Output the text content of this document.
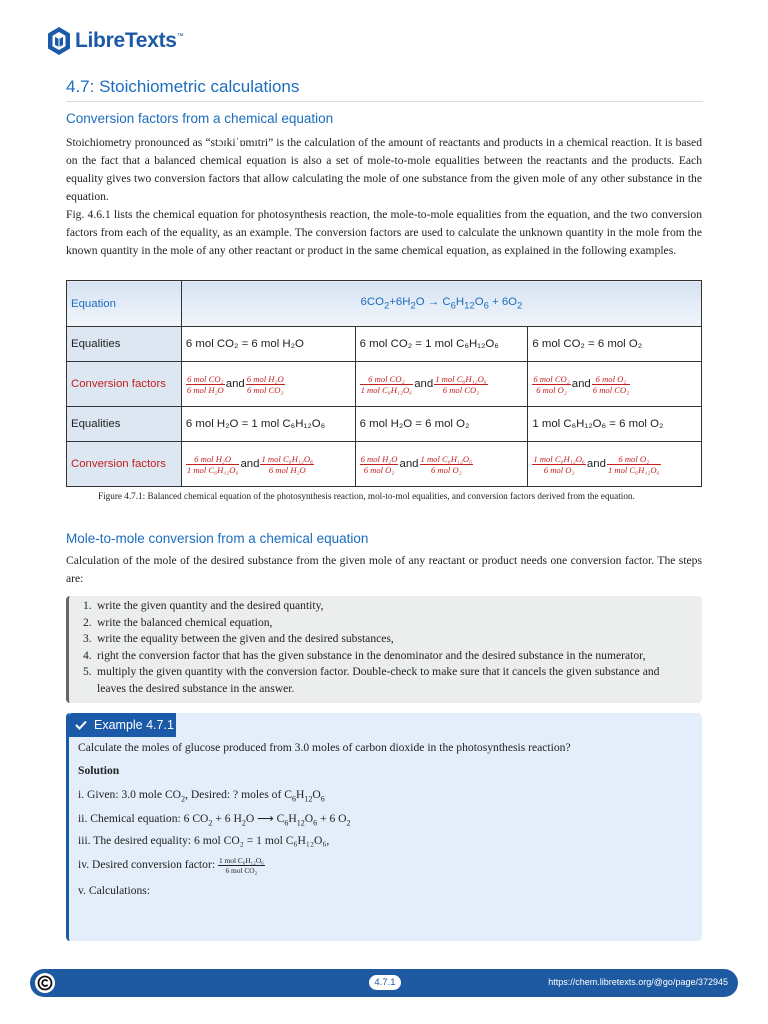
LibreTexts™
4.7: Stoichiometric calculations
Conversion factors from a chemical equation

Stoichiometry pronounced as “stɔɪkiˈɒmɪtri” is the calculation of the amount of reactants and products in a chemical reaction. It is based on the fact that a balanced chemical equation is also a set of mole-to-mole equalities between the reactants and the products. Each equality gives two conversion factors that allow calculating the mole of one substance from the given mole of any other substance in the equation.

Fig. 4.6.1 lists the chemical equation for photosynthesis reaction, the mole-to-mole equalities from the equation, and the two conversion factors from each of the equality, as an example. The conversion factors are used to calculate the unknown quantity in the mole from the known quantity in the mole of any other reactant or product in the same chemical equation, as explained in the following examples.

Equation	$6CO_2+6H_2O \to C_6H_{12}O_6 + 6O_2$
Equalities	6 mol CO₂ = 6 mol H₂O	6 mol CO₂ = 1 mol C₆H₁₂O₆	6 mol CO₂ = 6 mol O₂
Conversion factors	$\frac{\text{6 mol CO₂}}{\text{6 mol H₂O}}$ and $\frac{\text{6 mol H₂O}}{\text{6 mol CO₂}}$	$\frac{\text{6 mol CO₂}}{\text{1 mol C₆H₁₂O₆}}$ and $\frac{\text{1 mol C₆H₁₂O₆}}{\text{6 mol CO₂}}$	$\frac{\text{6 mol CO₂}}{\text{6 mol O₂}}$ and $\frac{\text{6 mol O₂}}{\text{6 mol CO₂}}$

Equalities	6 mol H₂O = 1 mol C₆H₁₂O₆	6 mol H₂O = 6 mol O₂	1 mol C₆H₁₂O₆ = 6 mol O₂
Conversion factors	$\frac{\text{6 mol H₂O}}{\text{1 mol C₆H₁₂O₆}}$ and $\frac{\text{1 mol C₆H₁₂O₆}}{\text{6 mol H₂O}}$	$\frac{\text{6 mol H₂O}}{\text{6 mol O₂}}$ and $\frac{\text{1 mol C₆H₁₂O₆}}{\text{6 mol O₂}}$	$\frac{\text{1 mol C₆H₁₂O₆}}{\text{6 mol O₂}}$ and $\frac{\text{6 mol O₂}}{\text{1 mol C₆H₁₂O₆}}$

Figure 4.7.1: Balanced chemical equation of the photosynthesis reaction, mol-to-mol equalities, and conversion factors derived from the equation.

Mole-to-mole conversion from a chemical equation

Calculation of the mole of the desired substance from the given mole of any reactant or product needs one conversion factor. The steps are:

1. write the given quantity and the desired quantity,
2. write the balanced chemical equation,
3. write the equality between the given and the desired substances,
4. right the conversion factor that has the given substance in the denominator and the desired substance in the numerator,
5. multiply the given quantity with the conversion factor. Double-check to make sure that it cancels the given substance and leaves the desired substance in the answer.
Example 4.7.1

Calculate the moles of glucose produced from 3.0 moles of carbon dioxide in the photosynthesis reaction?

Solution

i. Given: 3.0 mole $CO_2$, Desired: ? moles of $C_6H_{12}O_6$

ii. Chemical equation: 6 $CO_2 + 6$ $H_2O$ ⟶ $C_6H_{12}O_6 + 6$ $O_2$

iii. The desired equality: 6 mol CO₂ = 1 mol C₆H₁₂O₆,

iv. Desired conversion factor: $\frac{\text{1 mol C₆H₁₂O₆}}{\text{6 mol CO₂}}$

v. Calculations:

4.7.1	https://chem.libretexts.org/@go/page/372945
